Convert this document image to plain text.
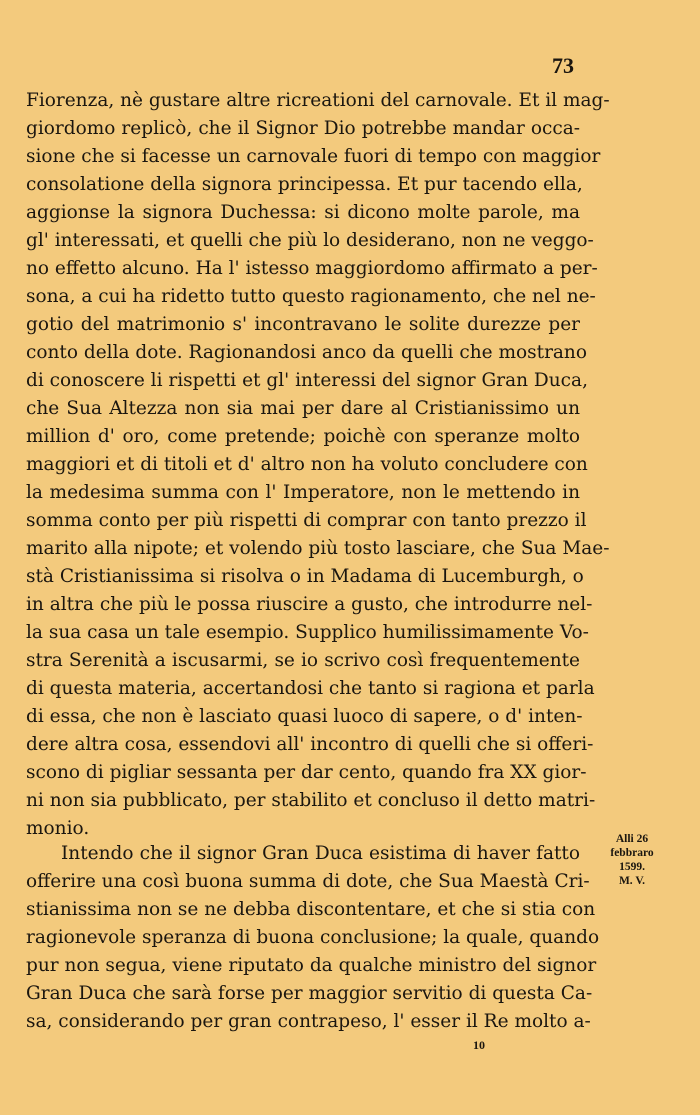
73
Fiorenza, nè gustare altre ricreationi del carnovale. Et il mag-
giordomo replicò, che il Signor Dio potrebbe mandar occa-
sione che si facesse un carnovale fuori di tempo con maggior
consolatione della signora principessa. Et pur tacendo ella,
aggionse la signora Duchessa: si dicono molte parole, ma
gl' interessati, et quelli che più lo desiderano, non ne veggo-
no effetto alcuno. Ha l' istesso maggiordomo affirmato a per-
sona, a cui ha ridetto tutto questo ragionamento, che nel ne-
gotio del matrimonio s' incontravano le solite durezze per
conto della dote. Ragionandosi anco da quelli che mostrano
di conoscere li rispetti et gl' interessi del signor Gran Duca,
che Sua Altezza non sia mai per dare al Cristianissimo un
million d' oro, come pretende; poichè con speranze molto
maggiori et di titoli et d' altro non ha voluto concludere con
la medesima summa con l' Imperatore, non le mettendo in
somma conto per più rispetti di comprar con tanto prezzo il
marito alla nipote; et volendo più tosto lasciare, che Sua Mae-
stà Cristianissima si risolva o in Madama di Lucemburgh, o
in altra che più le possa riuscire a gusto, che introdurre nel-
la sua casa un tale esempio. Supplico humilissimamente Vo-
stra Serenità a iscusarmi, se io scrivo così frequentemente
di questa materia, accertandosi che tanto si ragiona et parla
di essa, che non è lasciato quasi luoco di sapere, o d' inten-
dere altra cosa, essendovi all' incontro di quelli che si offeri-
scono di pigliar sessanta per dar cento, quando fra XX gior-
ni non sia pubblicato, per stabilito et concluso il detto matri-
monio.
Intendo che il signor Gran Duca esistima di haver fatto
offerire una così buona summa di dote, che Sua Maestà Cri-
stianissima non se ne debba discontentare, et che si stia con
ragionevole speranza di buona conclusione; la quale, quando
pur non segua, viene riputato da qualche ministro del signor
Gran Duca che sarà forse per maggior servitio di questa Ca-
sa, considerando per gran contrapeso, l' esser il Re molto a-
Alli 26
febbraro
1599.
M. V.
10
